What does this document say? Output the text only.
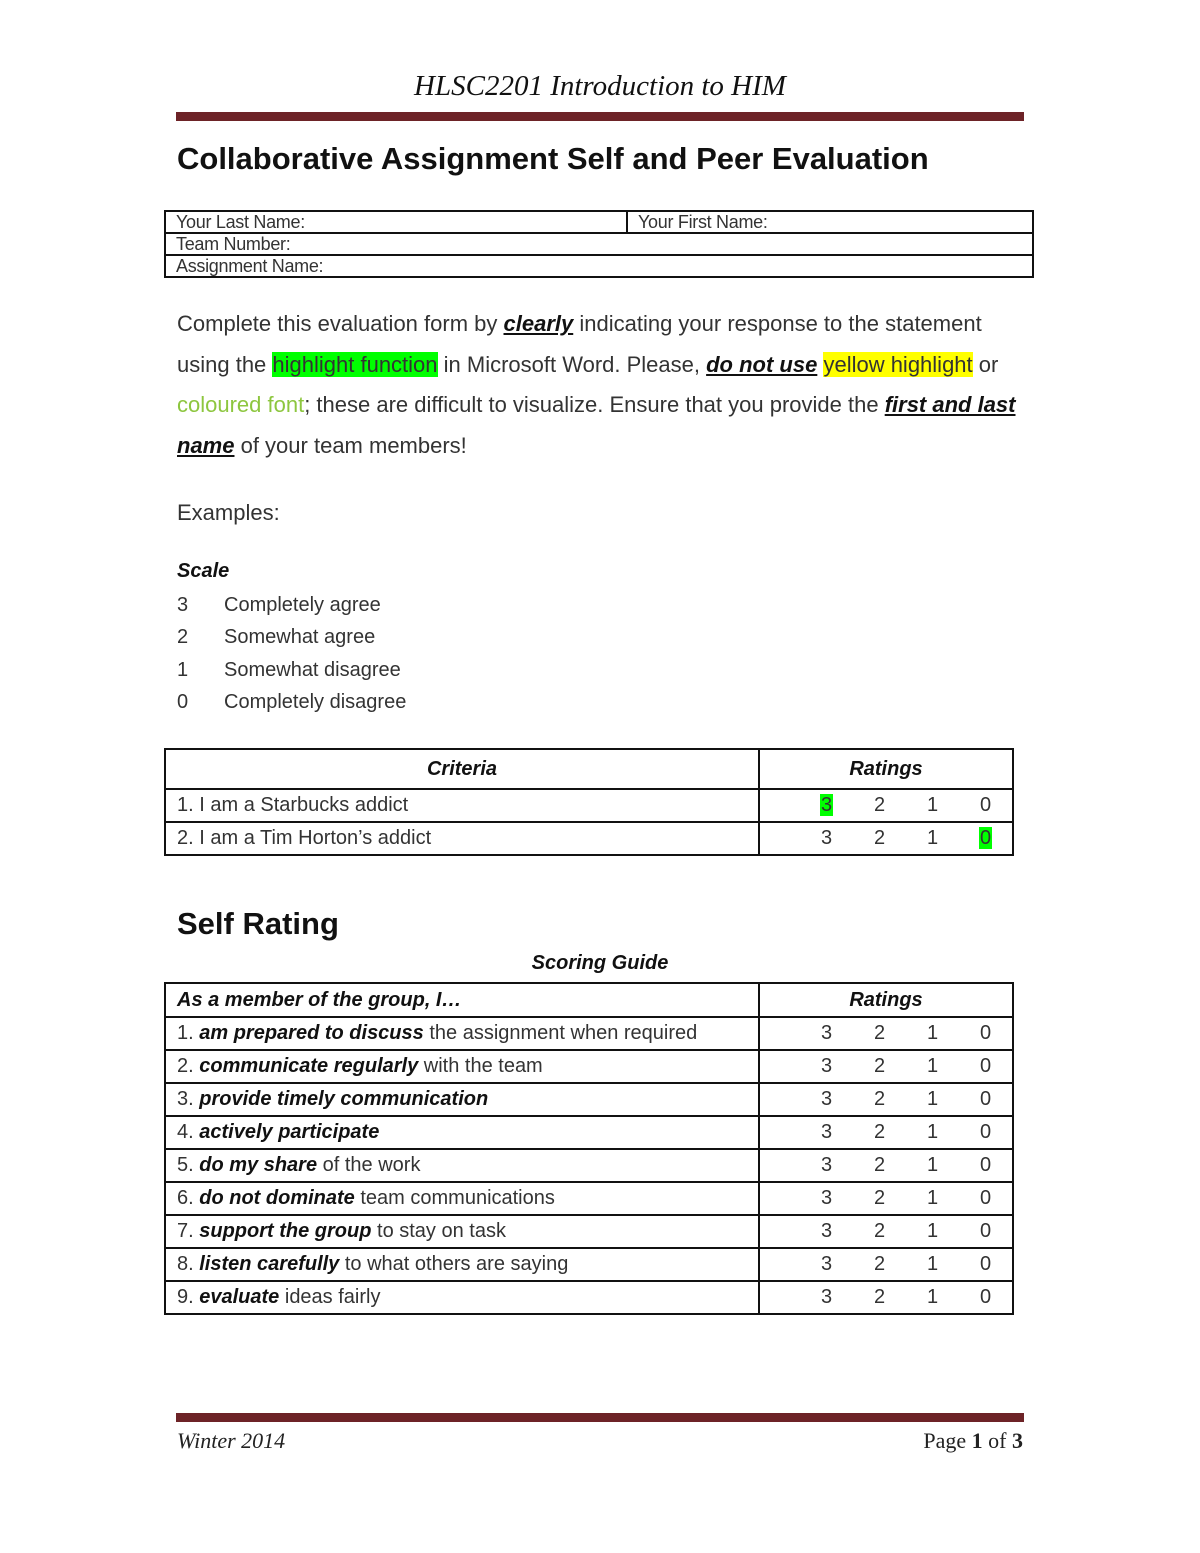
HLSC2201 Introduction to HIM
Collaborative Assignment Self and Peer Evaluation
Your Last Name:	Your First Name:
Team Number:
Assignment Name:

Complete this evaluation form by clearly indicating your response to the statement using the highlight function in Microsoft Word. Please, do not use yellow highlight or coloured font; these are difficult to visualize. Ensure that you provide the first and last name of your team members!

Examples:

Scale

3 Completely agree
2 Somewhat agree
1 Somewhat disagree
0 Completely disagree
Criteria	Ratings
1. I am a Starbucks addict	3 2 1 0

2. I am a Tim Horton’s addict	3 2 1 0
Self Rating

Scoring Guide

As a member of the group, I…	Ratings
1. am prepared to discuss the assignment when required	3 2 1 0

2. communicate regularly with the team	3 2 1 0

3. provide timely communication	3 2 1 0

4. actively participate	3 2 1 0

5. do my share of the work	3 2 1 0

6. do not dominate team communications	3 2 1 0

7. support the group to stay on task	3 2 1 0

8. listen carefully to what others are saying	3 2 1 0

9. evaluate ideas fairly	3 2 1 0
Winter 2014	Page 1 of 3
